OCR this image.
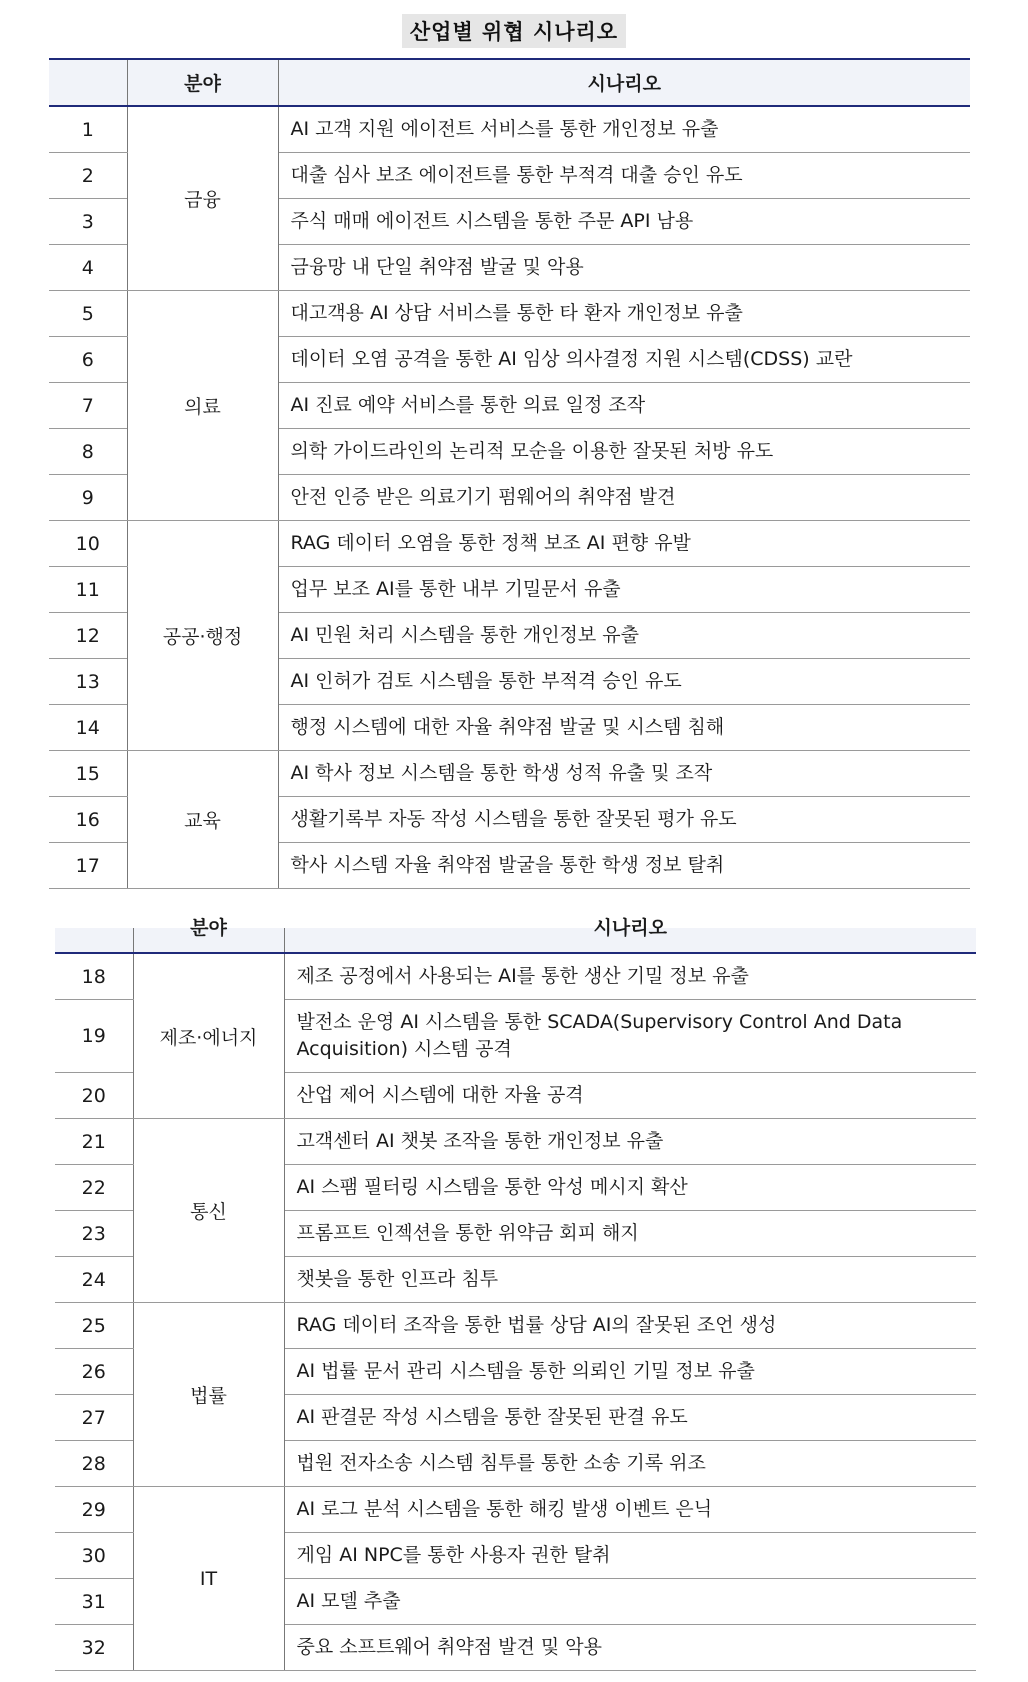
산업별 위협 시나리오
	분야	시나리오
1	금융	AI 고객 지원 에이전트 서비스를 통한 개인정보 유출
2		대출 심사 보조 에이전트를 통한 부적격 대출 승인 유도
3		주식 매매 에이전트 시스템을 통한 주문 API 남용
4		금융망 내 단일 취약점 발굴 및 악용
5	의료	대고객용 AI 상담 서비스를 통한 타 환자 개인정보 유출
6		데이터 오염 공격을 통한 AI 임상 의사결정 지원 시스템(CDSS) 교란
7		AI 진료 예약 서비스를 통한 의료 일정 조작
8		의학 가이드라인의 논리적 모순을 이용한 잘못된 처방 유도
9		안전 인증 받은 의료기기 펌웨어의 취약점 발견
10	공공·행정	RAG 데이터 오염을 통한 정책 보조 AI 편향 유발
11		업무 보조 AI를 통한 내부 기밀문서 유출
12		AI 민원 처리 시스템을 통한 개인정보 유출
13		AI 인허가 검토 시스템을 통한 부적격 승인 유도
14		행정 시스템에 대한 자율 취약점 발굴 및 시스템 침해
15	교육	AI 학사 정보 시스템을 통한 학생 성적 유출 및 조작
16		생활기록부 자동 작성 시스템을 통한 잘못된 평가 유도
17		학사 시스템 자율 취약점 발굴을 통한 학생 정보 탈취

	분야	시나리오

18	제조·에너지	제조 공정에서 사용되는 AI를 통한 생산 기밀 정보 유출
19		발전소 운영 AI 시스템을 통한 SCADA(Supervisory Control And Data Acquisition) 시스템 공격
20		산업 제어 시스템에 대한 자율 공격
21	통신	고객센터 AI 챗봇 조작을 통한 개인정보 유출
22		AI 스팸 필터링 시스템을 통한 악성 메시지 확산
23		프롬프트 인젝션을 통한 위약금 회피 해지
24		챗봇을 통한 인프라 침투
25	법률	RAG 데이터 조작을 통한 법률 상담 AI의 잘못된 조언 생성
26		AI 법률 문서 관리 시스템을 통한 의뢰인 기밀 정보 유출
27		AI 판결문 작성 시스템을 통한 잘못된 판결 유도
28		법원 전자소송 시스템 침투를 통한 소송 기록 위조
29	IT	AI 로그 분석 시스템을 통한 해킹 발생 이벤트 은닉
30		게임 AI NPC를 통한 사용자 권한 탈취
31		AI 모델 추출
32		중요 소프트웨어 취약점 발견 및 악용
